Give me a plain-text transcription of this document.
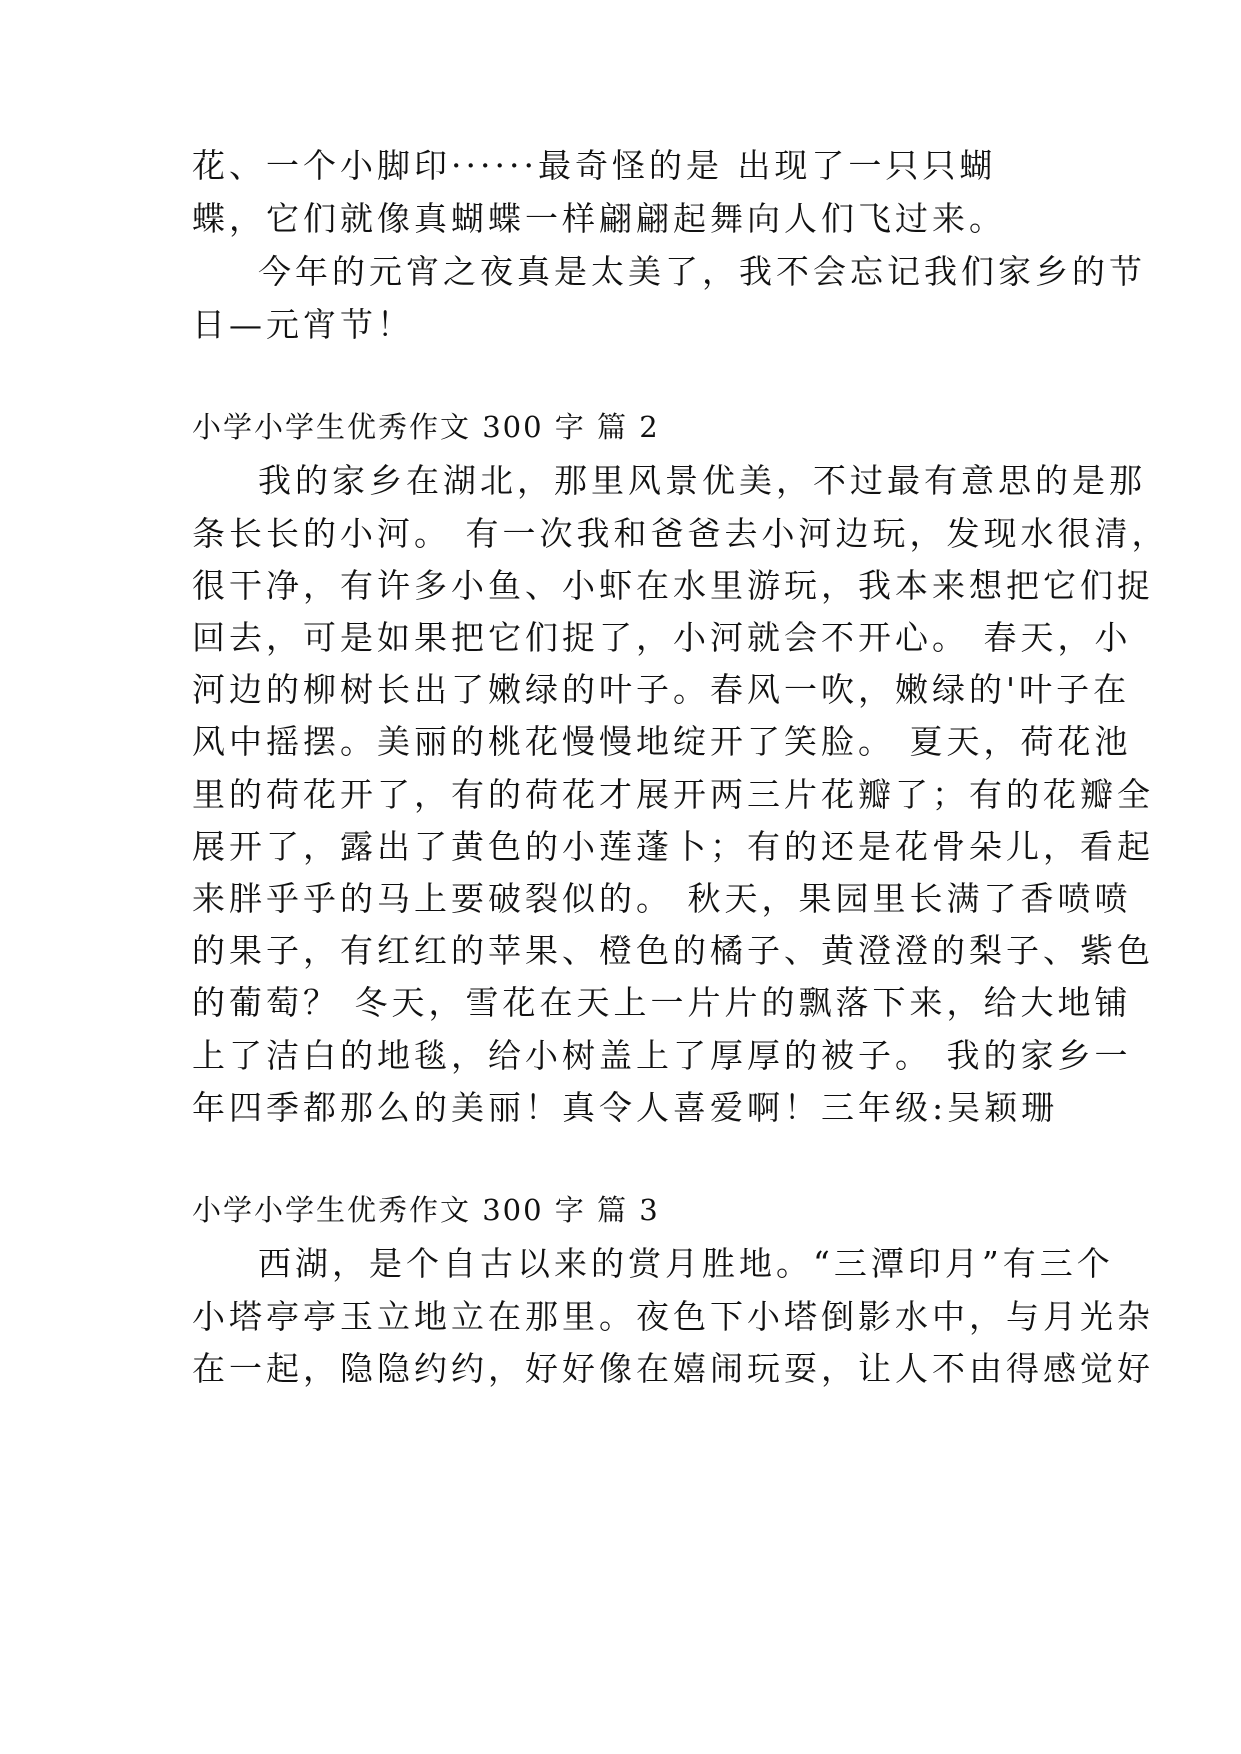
花、一个小脚印······最奇怪的是 出现了一只只蝴
蝶，它们就像真蝴蝶一样翩翩起舞向人们飞过来。
今年的元宵之夜真是太美了，我不会忘记我们家乡的节
日—元宵节！
小学小学生优秀作文 300 字 篇 2
我的家乡在湖北，那里风景优美，不过最有意思的是那
条长长的小河。 有一次我和爸爸去小河边玩，发现水很清，
很干净，有许多小鱼、小虾在水里游玩，我本来想把它们捉
回去，可是如果把它们捉了，小河就会不开心。 春天，小
河边的柳树长出了嫩绿的叶子。春风一吹，嫩绿的'叶子在
风中摇摆。美丽的桃花慢慢地绽开了笑脸。 夏天，荷花池
里的荷花开了，有的荷花才展开两三片花瓣了；有的花瓣全
展开了，露出了黄色的小莲蓬卜；有的还是花骨朵儿，看起
来胖乎乎的马上要破裂似的。 秋天，果园里长满了香喷喷
的果子，有红红的苹果、橙色的橘子、黄澄澄的梨子、紫色
的葡萄？ 冬天，雪花在天上一片片的飘落下来，给大地铺
上了洁白的地毯，给小树盖上了厚厚的被子。 我的家乡一
年四季都那么的美丽！真令人喜爱啊！三年级:吴颖珊
小学小学生优秀作文 300 字 篇 3
西湖，是个自古以来的赏月胜地。“三潭印月”有三个
小塔亭亭玉立地立在那里。夜色下小塔倒影水中，与月光杂
在一起，隐隐约约，好好像在嬉闹玩耍，让人不由得感觉好
